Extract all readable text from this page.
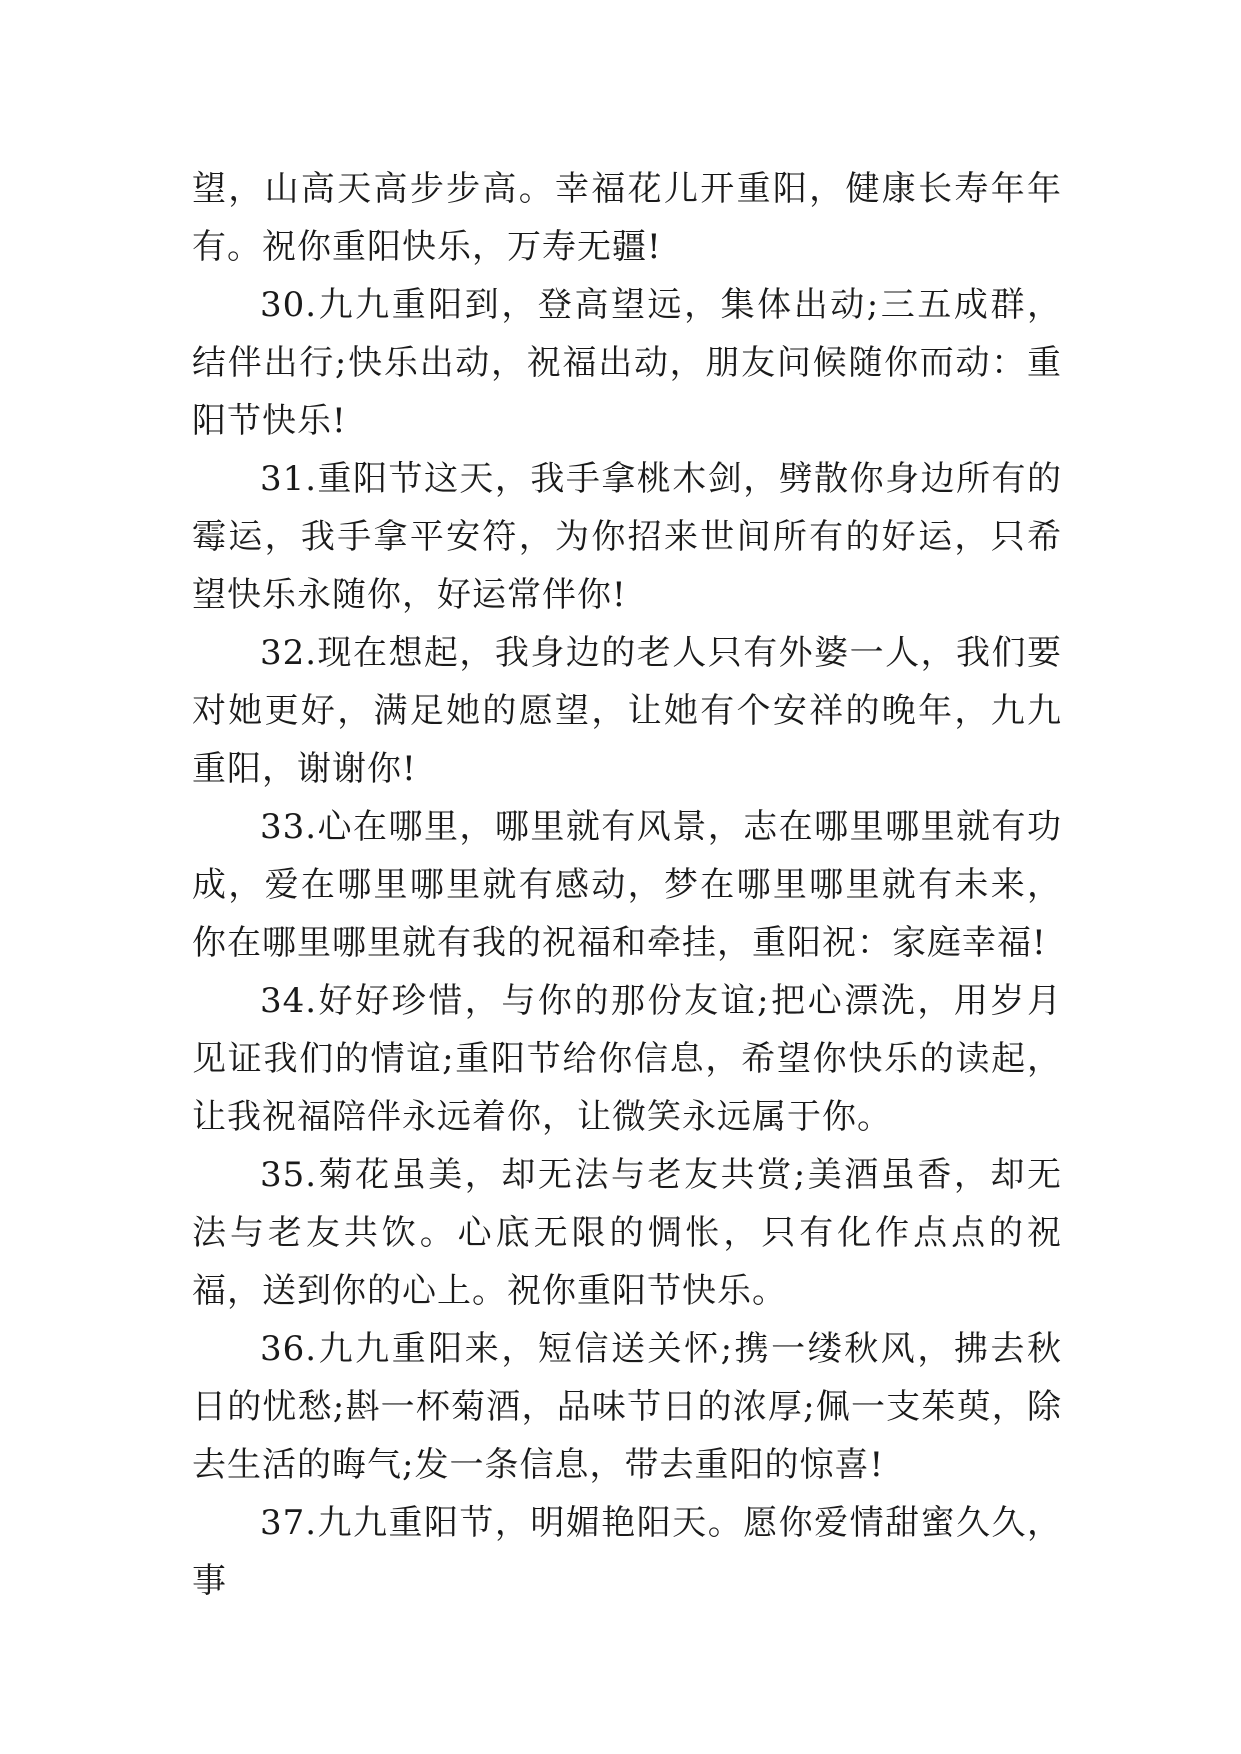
望，山高天高步步高。幸福花儿开重阳，健康长寿年年有。祝你重阳快乐，万寿无疆!

30.九九重阳到，登高望远，集体出动;三五成群，结伴出行;快乐出动，祝福出动，朋友问候随你而动：重阳节快乐!

31.重阳节这天，我手拿桃木剑，劈散你身边所有的霉运，我手拿平安符，为你招来世间所有的好运，只希望快乐永随你，好运常伴你!

32.现在想起，我身边的老人只有外婆一人，我们要对她更好，满足她的愿望，让她有个安祥的晚年，九九重阳，谢谢你!

33.心在哪里，哪里就有风景，志在哪里哪里就有功成，爱在哪里哪里就有感动，梦在哪里哪里就有未来，你在哪里哪里就有我的祝福和牵挂，重阳祝：家庭幸福!

34.好好珍惜，与你的那份友谊;把心漂洗，用岁月见证我们的情谊;重阳节给你信息，希望你快乐的读起，让我祝福陪伴永远着你，让微笑永远属于你。

35.菊花虽美，却无法与老友共赏;美酒虽香，却无法与老友共饮。心底无限的惆怅，只有化作点点的祝福，送到你的心上。祝你重阳节快乐。

36.九九重阳来，短信送关怀;携一缕秋风，拂去秋日的忧愁;斟一杯菊酒，品味节日的浓厚;佩一支茱萸，除去生活的晦气;发一条信息，带去重阳的惊喜!

37.九九重阳节，明媚艳阳天。愿你爱情甜蜜久久，事
